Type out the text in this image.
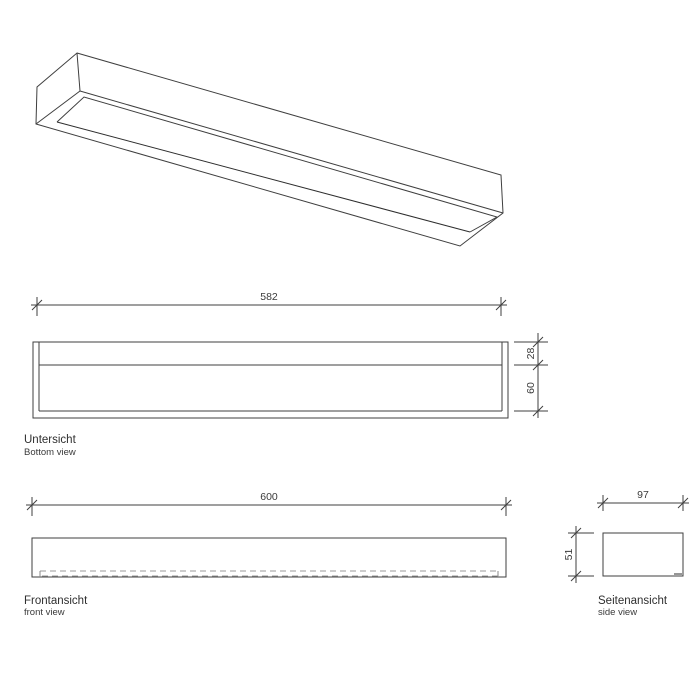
582
28
60
Untersicht
Bottom view
600
Frontansicht
front view
97
51
Seitenansicht
side view
